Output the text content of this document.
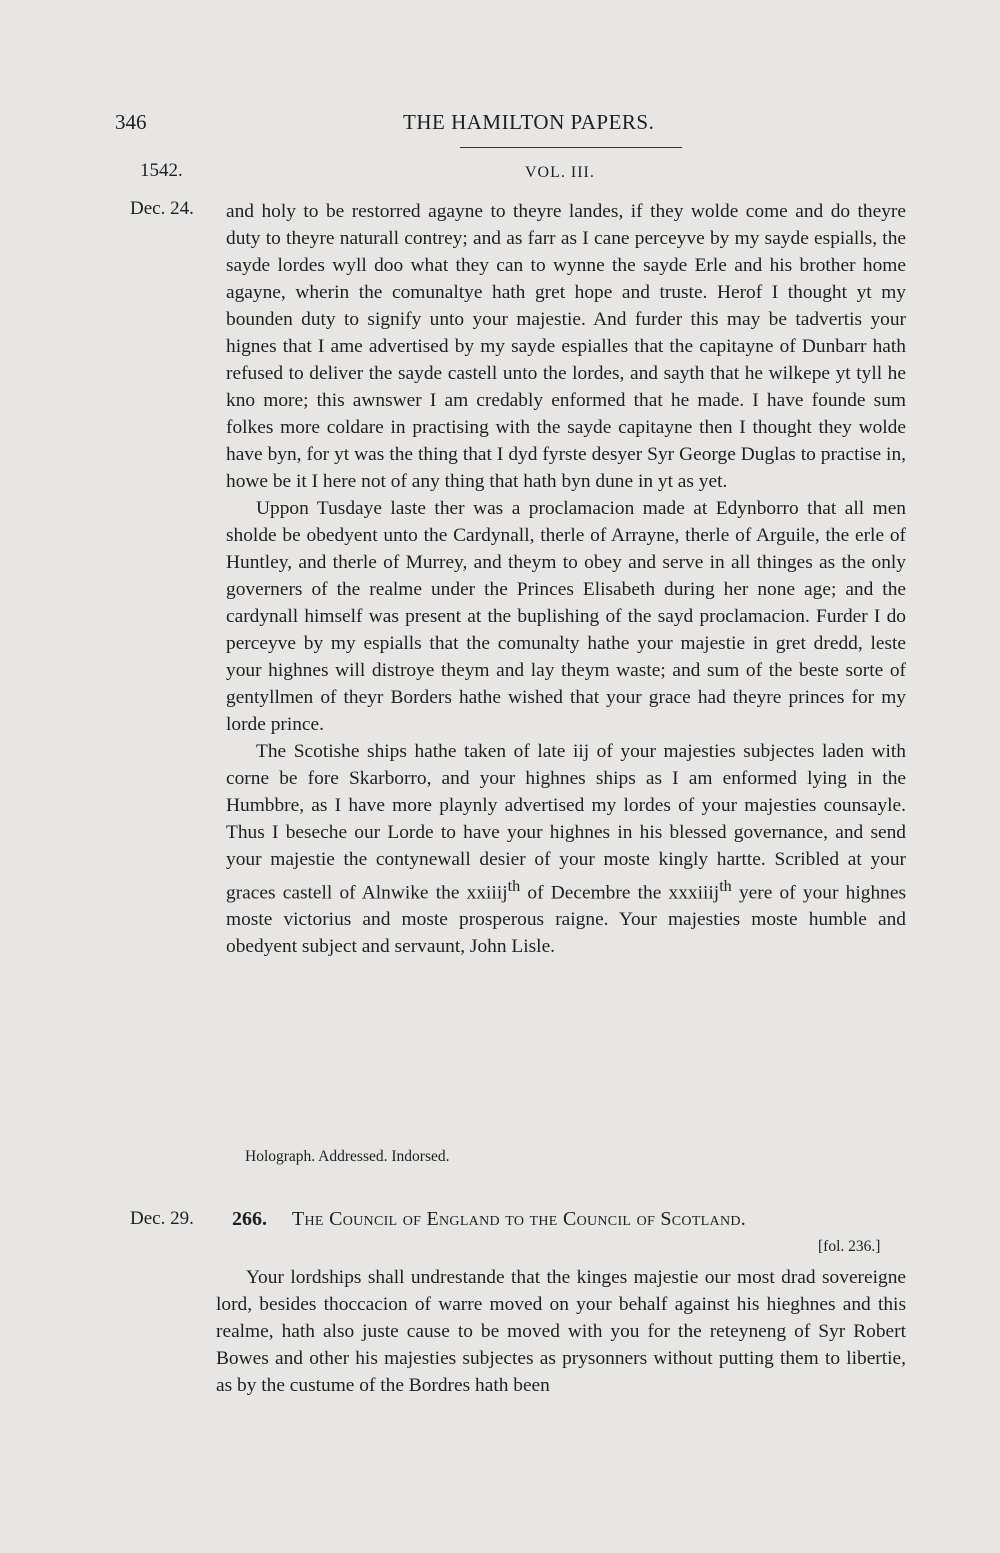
346	THE HAMILTON PAPERS.
1542.	VOL. III.
Dec. 24. and holy to be restorred agayne to theyre landes, if they wolde come and do theyre duty to theyre naturall contrey; and as farr as I cane perceyve by my sayde espialls, the sayde lordes wyll doo what they can to wynne the sayde Erle and his brother home agayne, wherin the comunaltye hath gret hope and truste. Herof I thought yt my bounden duty to signify unto your majestie. And furder this may be tadvertis your hignes that I ame advertised by my sayde espialles that the capitayne of Dunbarr hath refused to deliver the sayde castell unto the lordes, and sayth that he wilkepe yt tyll he kno more; this awnswer I am credably enformed that he made. I have founde sum folkes more coldare in practising with the sayde capitayne then I thought they wolde have byn, for yt was the thing that I dyd fyrste desyer Syr George Duglas to practise in, howe be it I here not of any thing that hath byn dune in yt as yet.

Uppon Tusdaye laste ther was a proclamacion made at Edynborro that all men sholde be obedyent unto the Cardynall, therle of Arrayne, therle of Arguile, the erle of Huntley, and therle of Murrey, and theym to obey and serve in all thinges as the only governers of the realme under the Princes Elisabeth during her none age; and the cardynall himself was present at the buplishing of the sayd proclamacion. Furder I do perceyve by my espialls that the comunalty hathe your majestie in gret dredd, leste your highnes will distroye theym and lay theym waste; and sum of the beste sorte of gentyllmen of theyr Borders hathe wished that your grace had theyre princes for my lorde prince.

The Scotishe ships hathe taken of late iij of your majesties subjectes laden with corne be fore Skarborro, and your highnes ships as I am enformed lying in the Humbbre, as I have more playnly advertised my lordes of your majesties counsayle. Thus I beseche our Lorde to have your highnes in his blessed governance, and send your majestie the contynewall desier of your moste kingly hartte. Scribled at your graces castell of Alnwike the xxiiij$^{th}$ of Decembre the xxxiiij$^{th}$ yere of your highnes moste victorius and moste prosperous raigne. Your majesties moste humble and obedyent subject and servaunt, John Lisle.

Holograph. Addressed. Indorsed.
Dec. 29. 266. The Council of England to the Council of Scotland.
[fol. 236.]

Your lordships shall undrestande that the kinges majestie our most drad sovereigne lord, besides thoccacion of warre moved on your behalf against his hieghnes and this realme, hath also juste cause to be moved with you for the reteyneng of Syr Robert Bowes and other his majesties subjectes as prysonners without putting them to libertie, as by the custume of the Bordres hath been
